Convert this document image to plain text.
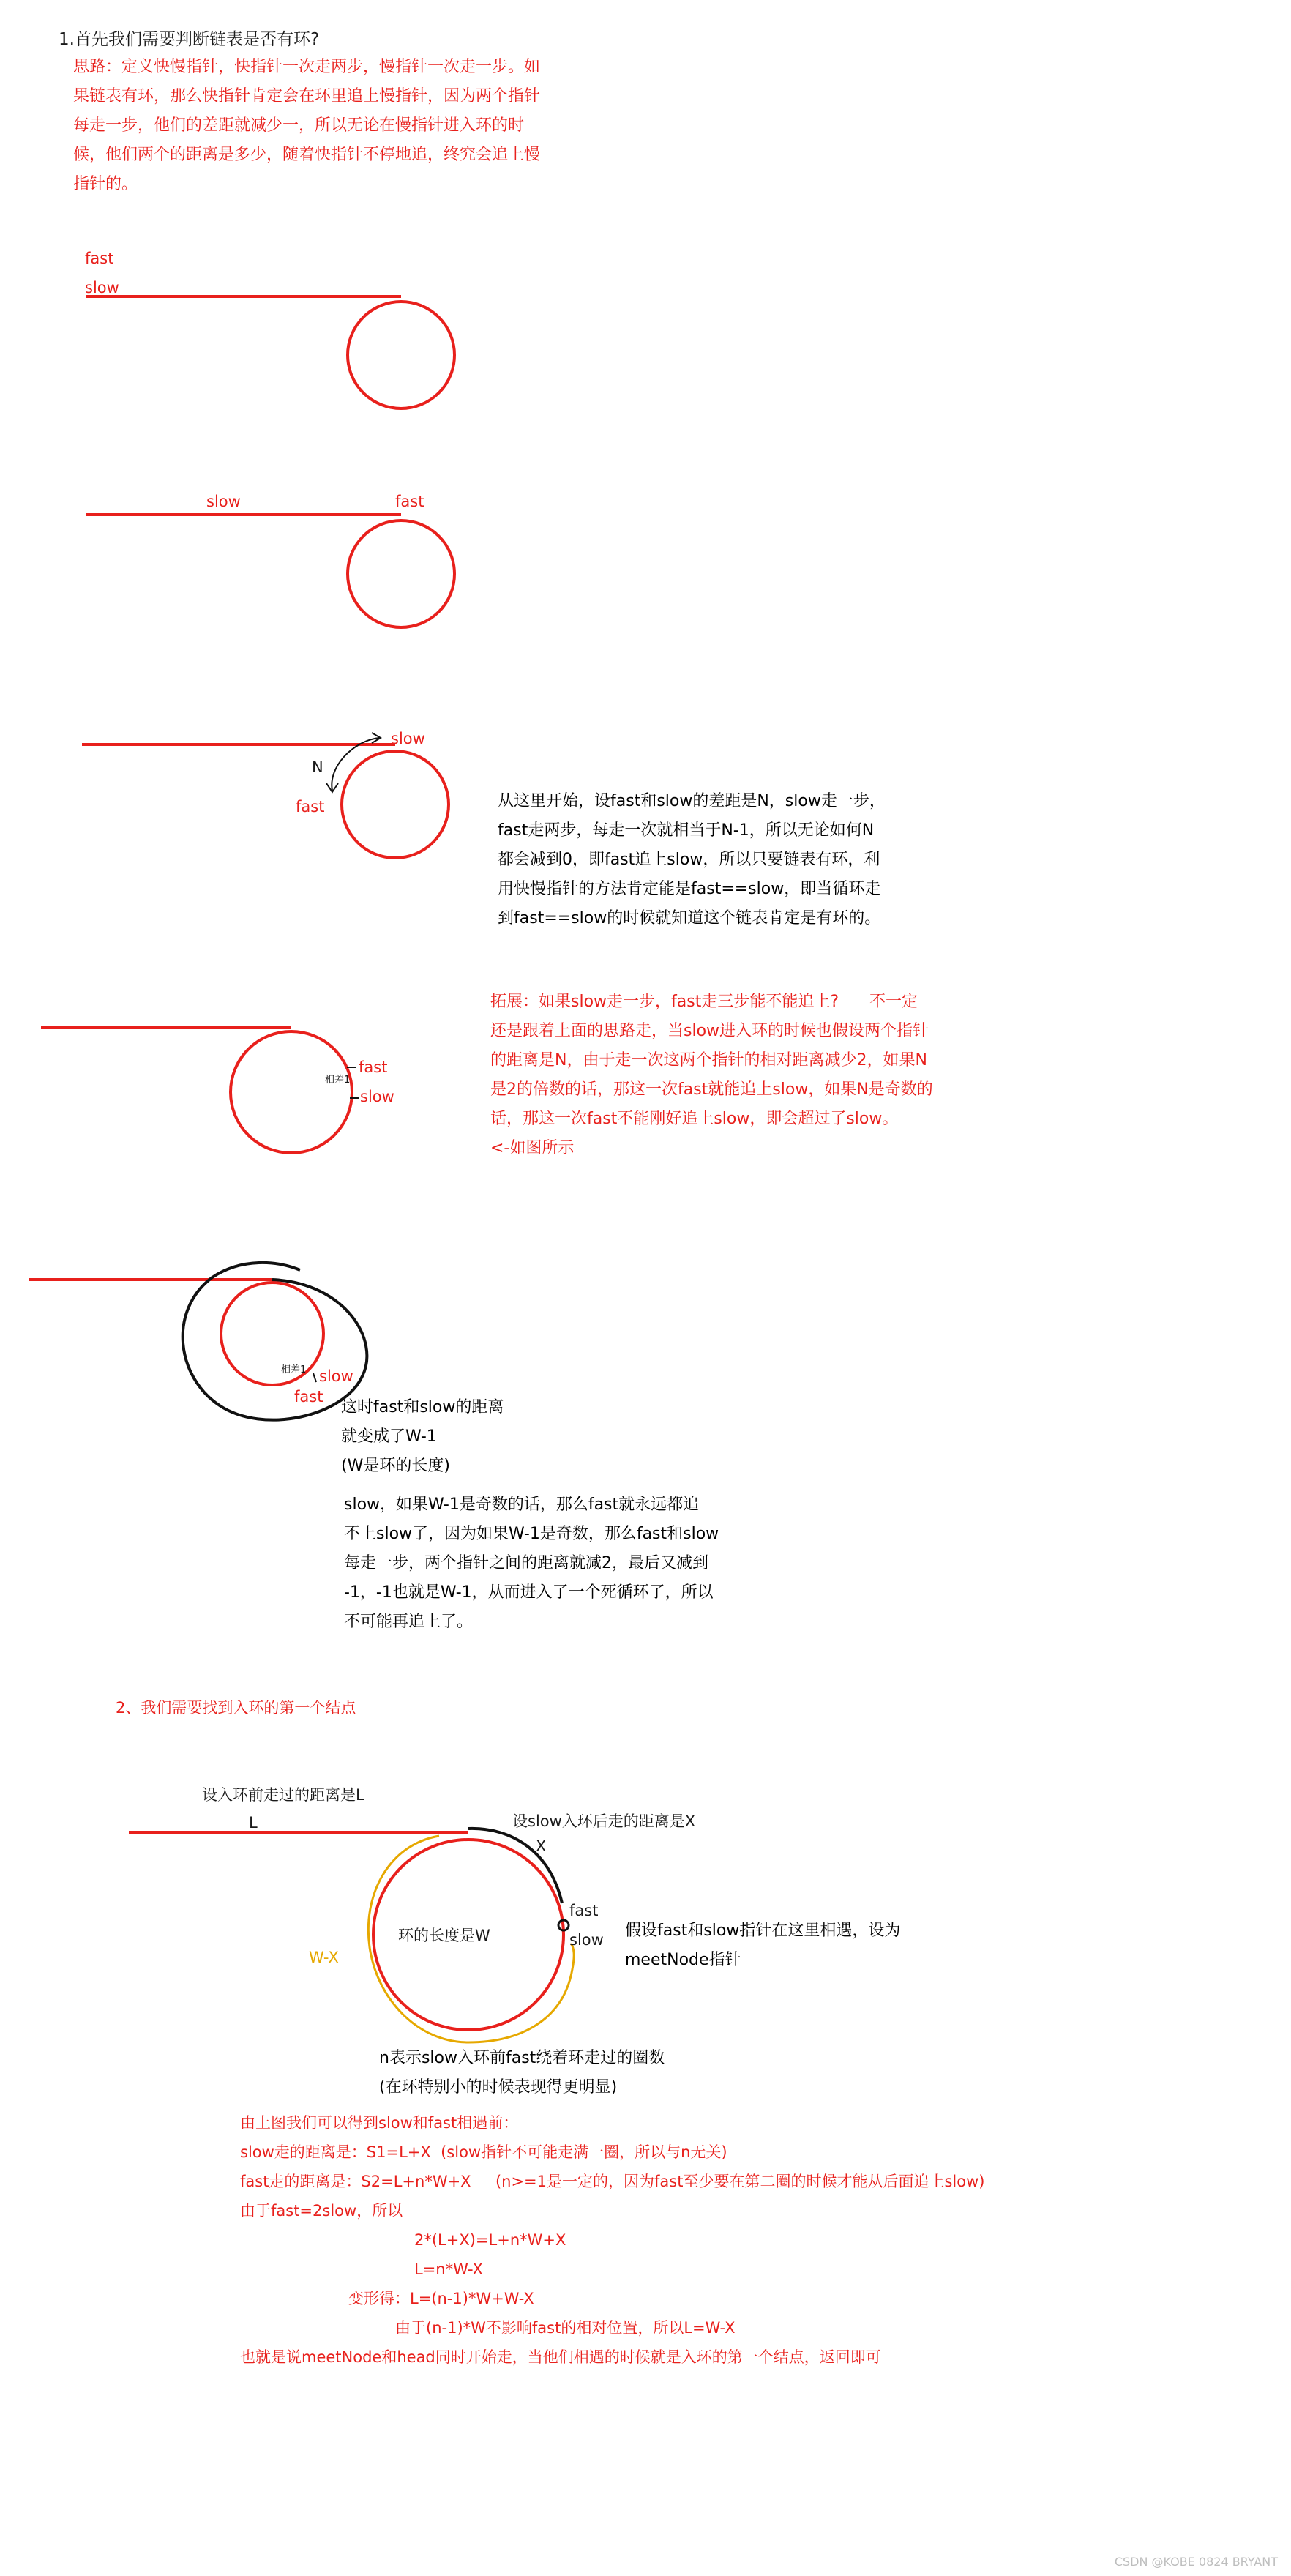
1.首先我们需要判断链表是否有环?
思路：定义快慢指针，快指针一次走两步，慢指针一次走一步。如
果链表有环，那么快指针肯定会在环里追上慢指针，因为两个指针
每走一步，他们的差距就减少一，所以无论在慢指针进入环的时
候，他们两个的距离是多少，随着快指针不停地追，终究会追上慢
指针的。
fast
slow
slow	fast
slow
N
fast	从这里开始，设fast和slow的差距是N，slow走一步，
fast走两步，每走一次就相当于N-1，所以无论如何N
都会减到0，即fast追上slow，所以只要链表有环，利
用快慢指针的方法肯定能是fast==slow，即当循环走
到fast==slow的时候就知道这个链表肯定是有环的。
fast
slow
相差1
拓展：如果slow走一步，fast走三步能不能追上?      不一定
还是跟着上面的思路走，当slow进入环的时候也假设两个指针
的距离是N，由于走一次这两个指针的相对距离减少2，如果N
是2的倍数的话，那这一次fast就能追上slow，如果N是奇数的
话，那这一次fast不能刚好追上slow，即会超过了slow。
<-如图所示
slow
fast
相差1
这时fast和slow的距离
就变成了W-1
(W是环的长度)
slow，如果W-1是奇数的话，那么fast就永远都追
不上slow了，因为如果W-1是奇数，那么fast和slow
每走一步，两个指针之间的距离就减2，最后又减到
-1，-1也就是W-1，从而进入了一个死循环了，所以
不可能再追上了。
2、我们需要找到入环的第一个结点
设入环前走过的距离是L
L	设slow入环后走的距离是X
X
W-X
环的长度是W
fast
slow 假设fast和slow指针在这里相遇，设为
meetNode指针
n表示slow入环前fast绕着环走过的圈数
(在环特别小的时候表现得更明显)
由上图我们可以得到slow和fast相遇前：
slow走的距离是：S1=L+X  (slow指针不可能走满一圈，所以与n无关)
fast走的距离是：S2=L+n*W+X     (n>=1是一定的，因为fast至少要在第二圈的时候才能从后面追上slow)
由于fast=2slow，所以
2*(L+X)=L+n*W+X
L=n*W-X
变形得：L=(n-1)*W+W-X
由于(n-1)*W不影响fast的相对位置，所以L=W-X
也就是说meetNode和head同时开始走，当他们相遇的时候就是入环的第一个结点，返回即可
CSDN @KOBE 0824 BRYANT
